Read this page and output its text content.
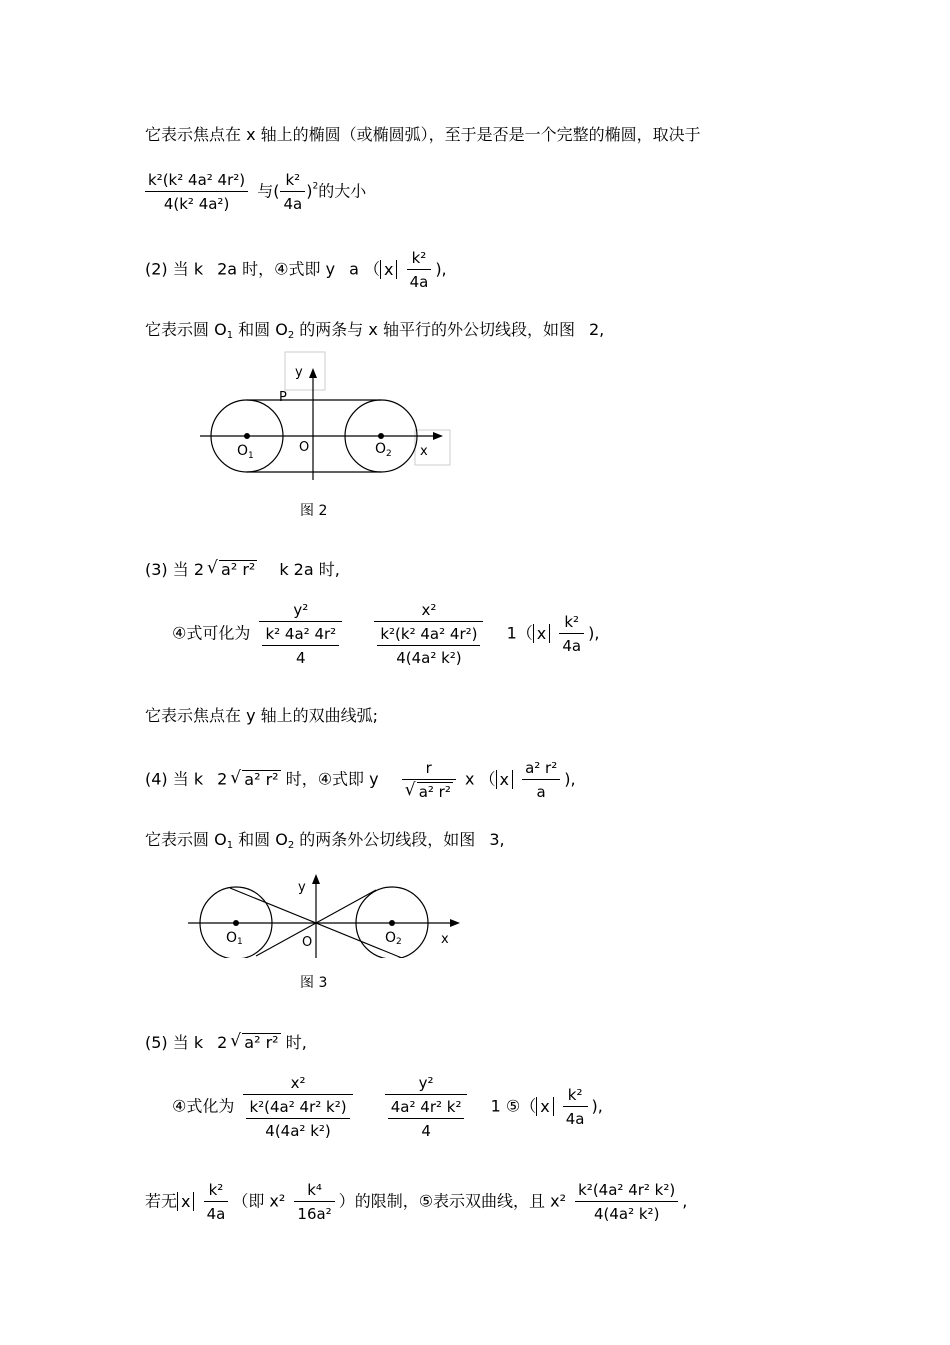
它表示焦点在 x 轴上的椭圆（或椭圆弧），至于是否是一个完整的椭圆，取决于
$\frac{\text{k²(k² 4a² 4r²)}}{\text{4(k² 4a²)}}$ 与( $\frac{\text{k²}}{4a} )^2$的大小
(2) 当 k 2a 时，④式即 y a （ x $\frac{\text{k²}}{4a}$ ),
它表示圆 $O_1$ 和圆 $O_2$ 的两条与 x 轴平行的外公切线段，如图 2,
y
P
$O_1$
O	$O_2$ x
图 2
(3) 当 2 √ a² r² k 2a 时,
④式可化为 $\frac{\text{y²}}{\frac{\text{k² 4a² 4r²}}{4}}$
$\frac{\text{x²}}{\frac{\text{k²(k² 4a² 4r²)}}{\text{4(4a² k²)}}} 1$（ x $\frac{\text{k²}}{4a}$ ),
它表示焦点在 y 轴上的双曲线弧;
(4) 当 k 2 √ a² r² 时，④式即 y r
√ a² r² x （ x $\frac{\text{a² r²}}{a}$ ),
它表示圆 $O_1$ 和圆 $O_2$ 的两条外公切线段，如图 3,
y
O1	O	O2	x
图 3
(5) 当 k 2 √ a² r² 时,
④式化为 $\frac{\text{x²}}{\frac{\text{k²(4a² 4r² k²)}}{\text{4(4a² k²)}}}$
$\frac{\text{y²}}{\frac{\text{4a² 4r² k²}}{4}} 1$ ⑤（ x $\frac{\text{k²}}{4a}$ ),
若无 x $\frac{\text{k²}}{4a}$ （即 $x^2 \frac{\text{k⁴}}{\text{16a²}}$ ）的限制，⑤表示双曲线，且 $x^2 \frac{\text{k²(4a² 4r² k²)}}{\text{4(4a² k²)}}$ ,
